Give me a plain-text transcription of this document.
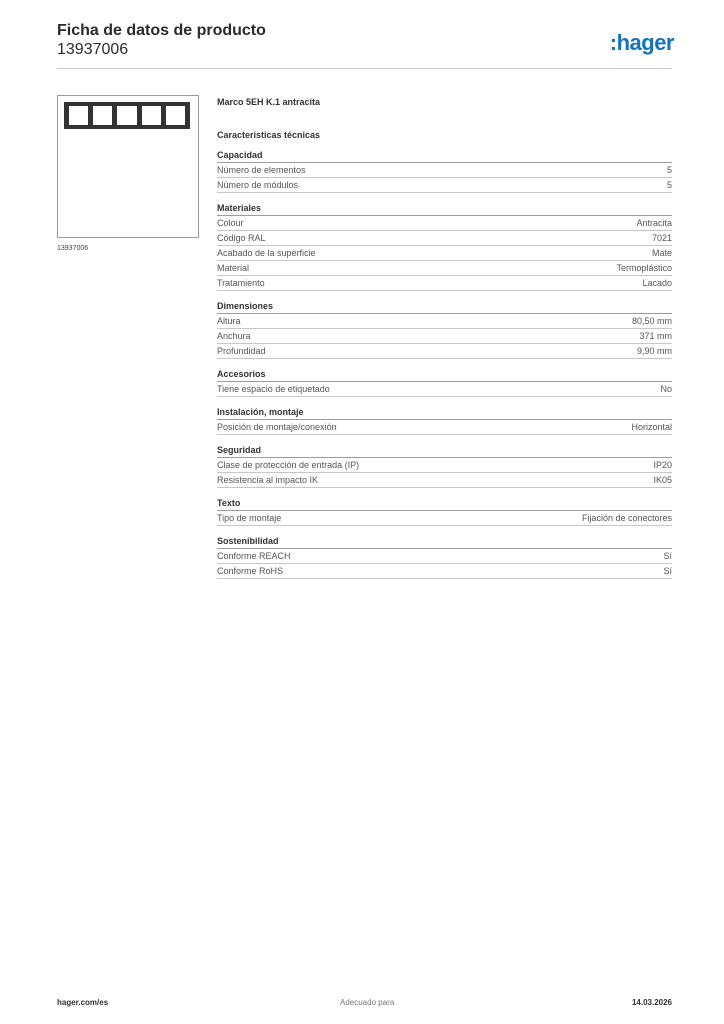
Ficha de datos de producto
13937006	:hager
13937006
Marco 5EH K.1 antracita
Características técnicas
Capacidad
Número de elementos	5
Número de módulos	5
Materiales
Colour	Antracita
Código RAL	7021
Acabado de la superficie	Mate
Material	Termoplástico
Tratamiento	Lacado
Dimensiones
Altura	80,50 mm
Anchura	371 mm
Profundidad	9,90 mm
Accesorios
Tiene espacio de etiquetado	No
Instalación, montaje
Posición de montaje/conexión	Horizontal
Seguridad
Clase de protección de entrada (IP)	IP20
Resistencia al impacto IK	IK05
Texto
Tipo de montaje	Fijación de conectores
Sostenibilidad
Conforme REACH	Sí
Conforme RoHS	Sí
hager.com/es	Adecuado para	14.03.2026
